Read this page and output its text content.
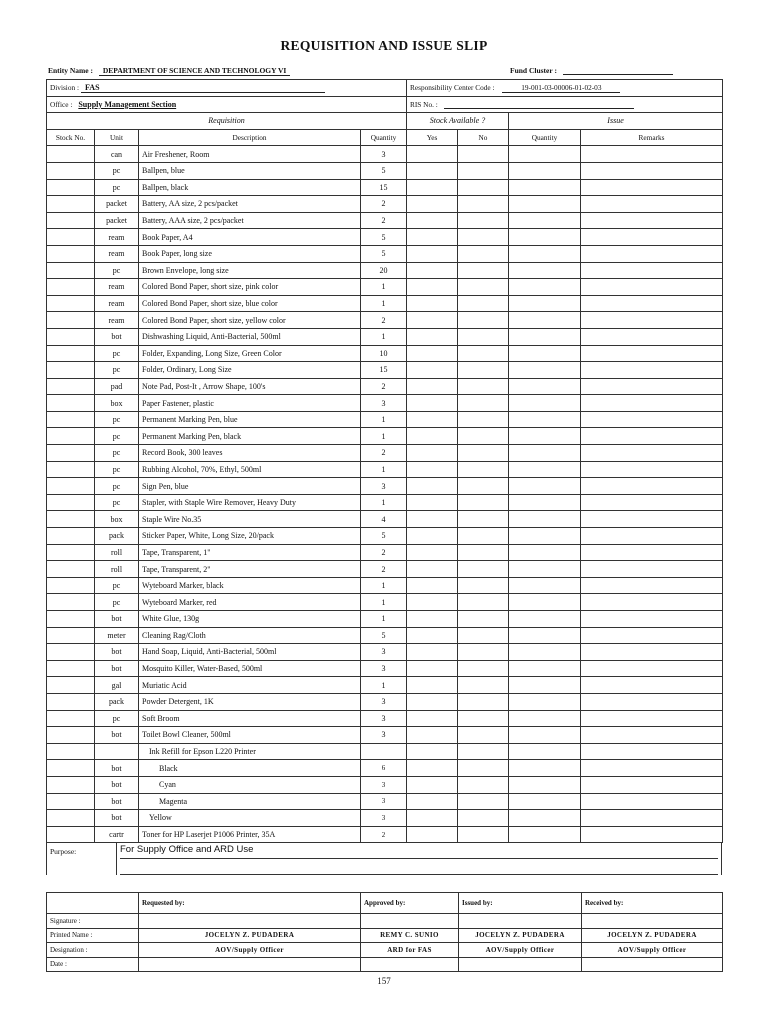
REQUISITION AND ISSUE SLIP
Entity Name : DEPARTMENT OF SCIENCE AND TECHNOLOGY VI	Fund Cluster :
Division : FAS				Responsibility Center Code : 19-001-03-00006-01-02-03			
Office : Supply Management Section				RIS No. :			
Requisition				Stock Available ?		Issue	
Stock No.	Unit	Description	Quantity	Yes	No	Quantity	Remarks
	can	Air Freshener, Room	3				
	pc	Ballpen, blue	5				
	pc	Ballpen, black	15				
	packet	Battery, AA size, 2 pcs/packet	2				
	packet	Battery, AAA size, 2 pcs/packet	2				
	ream	Book Paper, A4	5				
	ream	Book Paper, long size	5				
	pc	Brown Envelope, long size	20				
	ream	Colored Bond Paper, short size, pink color	1				
	ream	Colored Bond Paper, short size, blue color	1				
	ream	Colored Bond Paper, short size, yellow color	2				
	bot	Dishwashing Liquid, Anti-Bacterial, 500ml	1				
	pc	Folder, Expanding, Long Size, Green Color	10				
	pc	Folder, Ordinary, Long Size	15				
	pad	Note Pad, Post-It , Arrow Shape, 100's	2				
	box	Paper Fastener, plastic	3				
	pc	Permanent Marking Pen, blue	1				
	pc	Permanent Marking Pen, black	1				
	pc	Record Book, 300 leaves	2				
	pc	Rubbing Alcohol, 70%, Ethyl, 500ml	1				
	pc	Sign Pen, blue	3				
	pc	Stapler, with Staple Wire Remover, Heavy Duty	1				
	box	Staple Wire No.35	4				
	pack	Sticker Paper, White, Long Size, 20/pack	5				
	roll	Tape, Transparent, 1"	2				
	roll	Tape, Transparent, 2"	2				
	pc	Wyteboard Marker, black	1				
	pc	Wyteboard Marker, red	1				
	bot	White Glue, 130g	1				
	meter	Cleaning Rag/Cloth	5				
	bot	Hand Soap, Liquid, Anti-Bacterial, 500ml	3				
	bot	Mosquito Killer, Water-Based, 500ml	3				
	gal	Muriatic Acid	1				
	pack	Powder Detergent, 1K	3				
	pc	Soft Broom	3				
	bot	Toilet Bowl Cleaner, 500ml	3				
		Ink Refill for Epson L220 Printer					
	bot	Black	6				
	bot	Cyan	3				
	bot	Magenta	3				
	bot	Yellow	3				
	cartr	Toner for HP Laserjet P1006 Printer, 35A	2				
Purpose:	For Supply Office and ARD Use

	Requested by:	Approved by:	Issued by:	Received by:
Signature :				
Printed Name :	JOCELYN Z. PUDADERA	REMY C. SUNIO	JOCELYN Z. PUDADERA	JOCELYN Z. PUDADERA
Designation :	AOV/Supply Officer	ARD for FAS	AOV/Supply Officer	AOV/Supply Officer
Date :				
157
